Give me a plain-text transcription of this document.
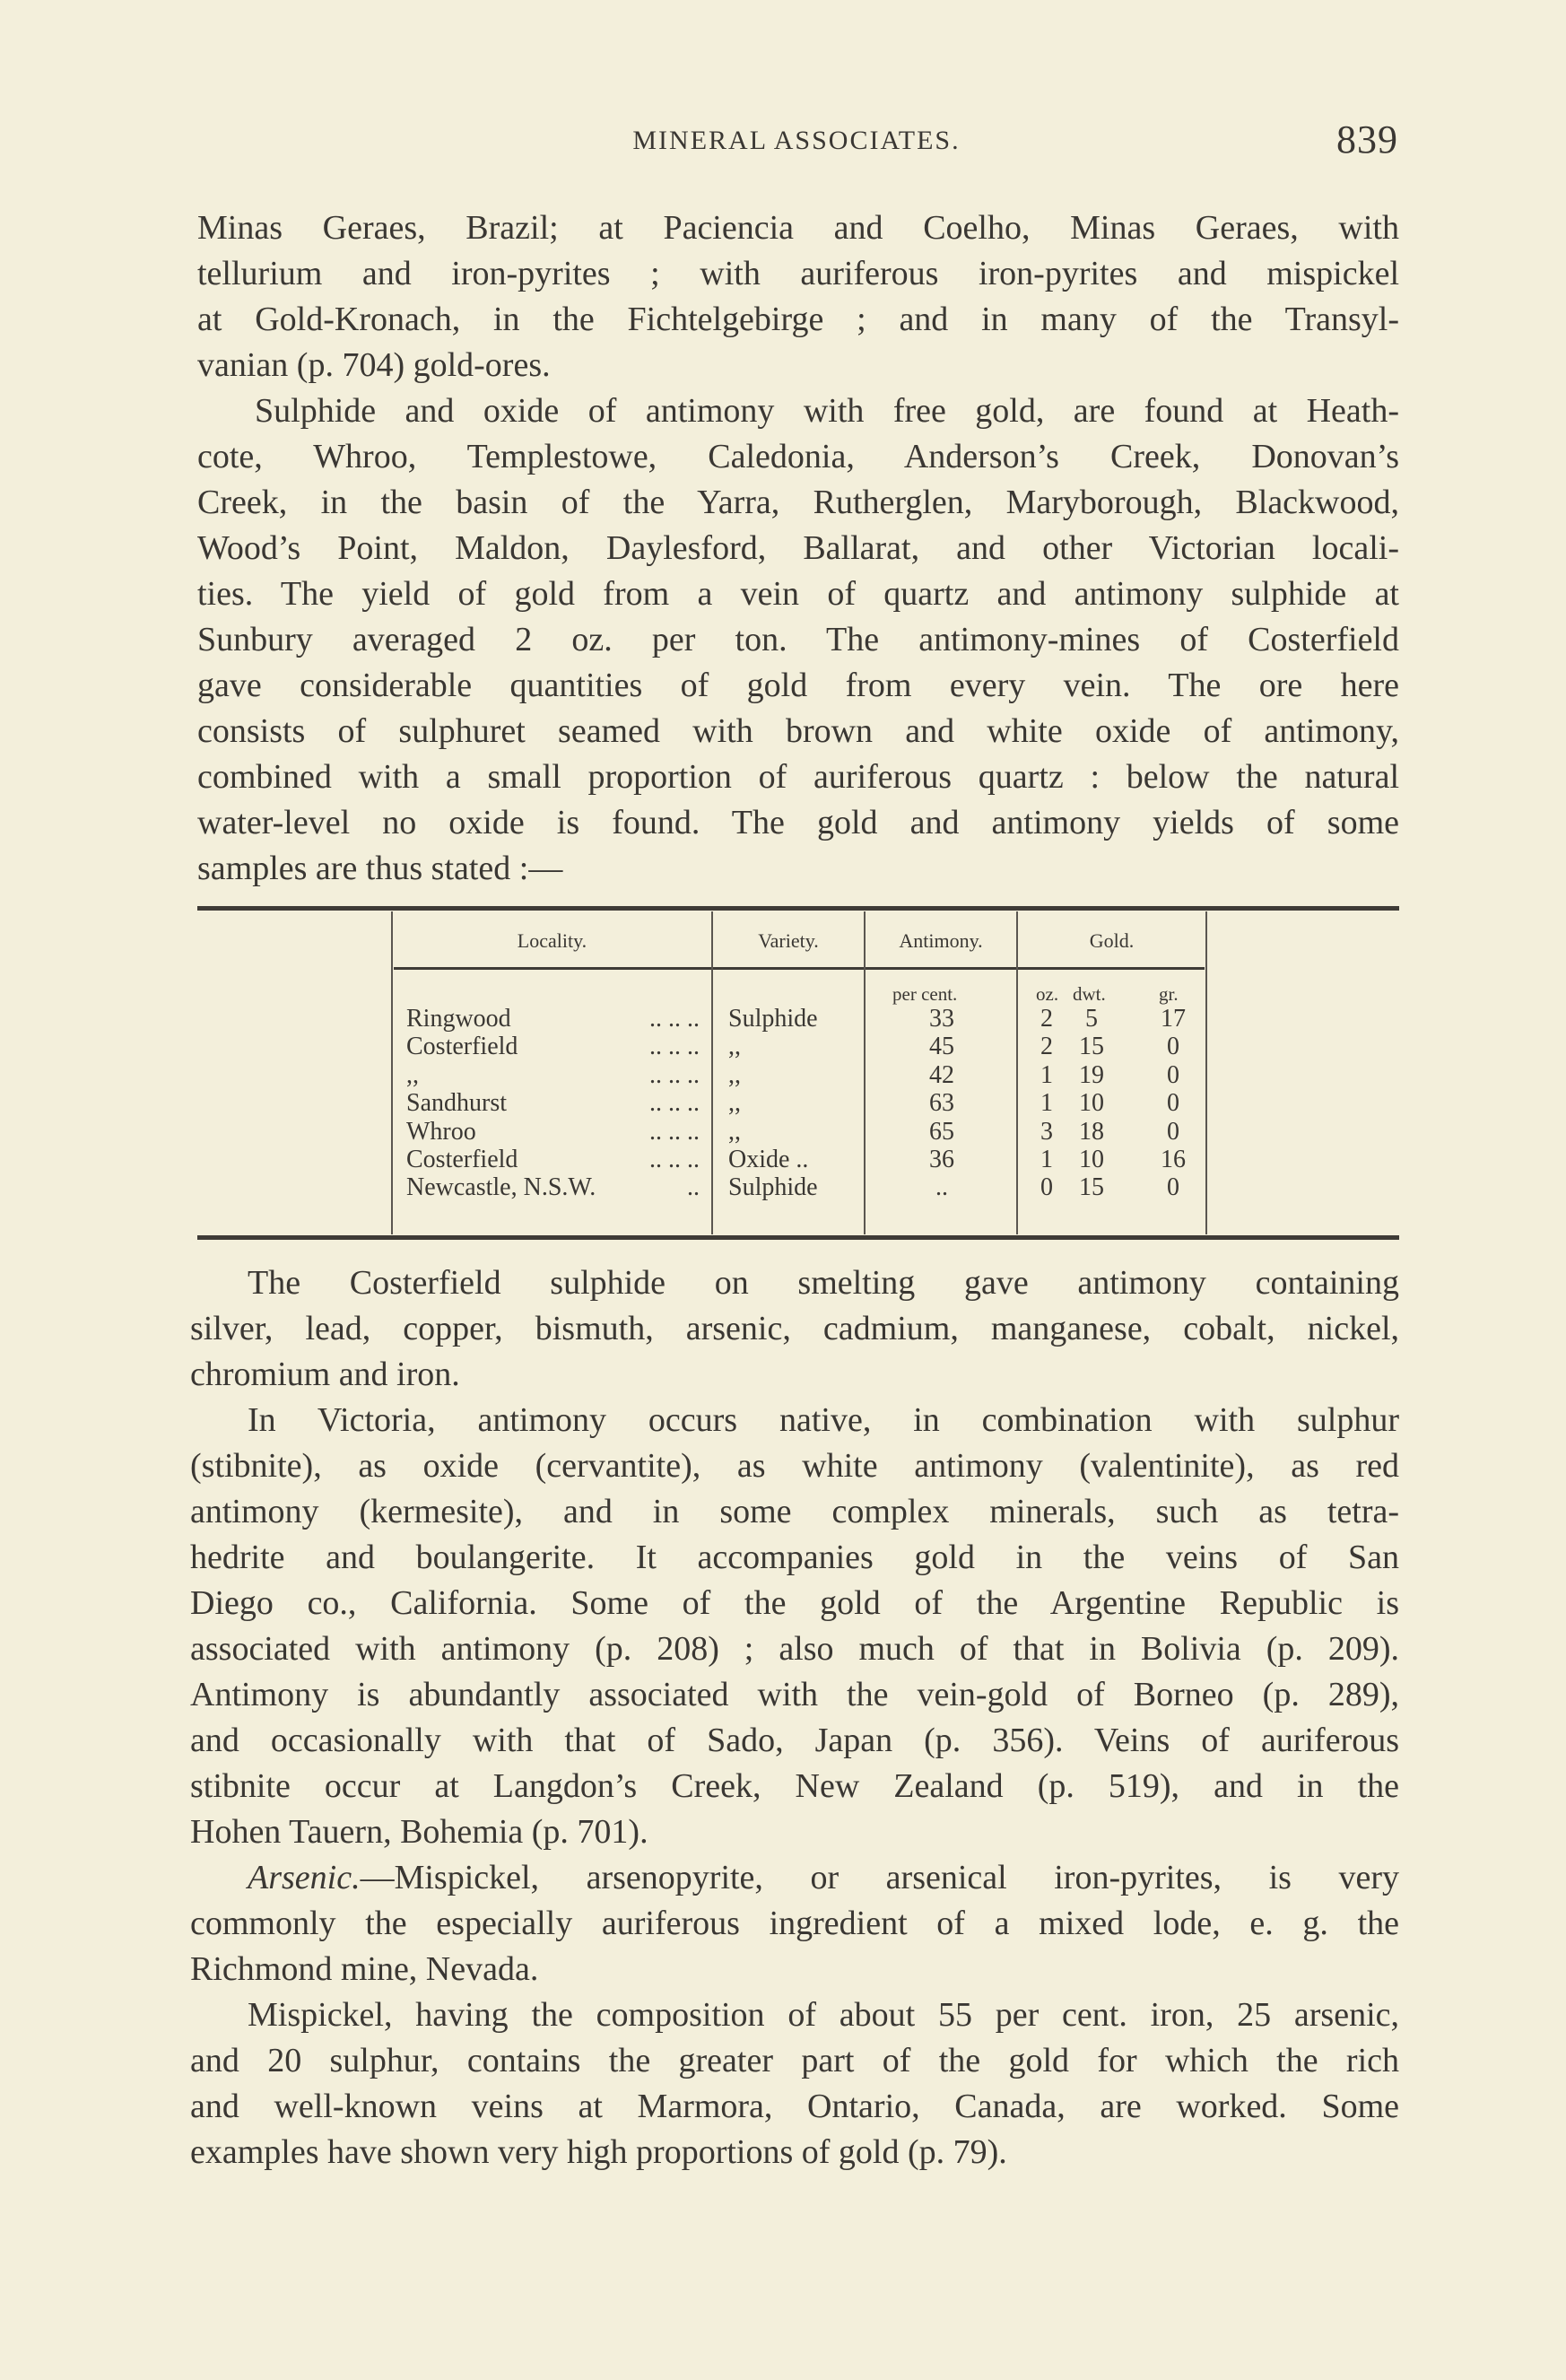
MINERAL ASSOCIATES.	839
Minas Geraes, Brazil; at Paciencia and Coelho, Minas Geraes, with
tellurium and iron-pyrites ; with auriferous iron-pyrites and mispickel
at Gold-Kronach, in the Fichtelgebirge ; and in many of the Transyl-
vanian (p. 704) gold-ores.
Sulphide and oxide of antimony with free gold, are found at Heath-
cote, Whroo, Templestowe, Caledonia, Anderson’s Creek, Donovan’s
Creek, in the basin of the Yarra, Rutherglen, Maryborough, Blackwood,
Wood’s Point, Maldon, Daylesford, Ballarat, and other Victorian locali-
ties. The yield of gold from a vein of quartz and antimony sulphide at
Sunbury averaged 2 oz. per ton. The antimony-mines of Costerfield
gave considerable quantities of gold from every vein. The ore here
consists of sulphuret seamed with brown and white oxide of antimony,
combined with a small proportion of auriferous quartz : below the natural
water-level no oxide is found. The gold and antimony yields of some
samples are thus stated :—
Locality.	Variety.	Antimony.	Gold.
per cent.	oz. dwt.	gr.
Ringwood	.. .. .. Sulphide	33	2	5	17
Costerfield	.. .. .. ,,	45	2	15	0
,,	.. .. .. ,,	42	1	19	0
Sandhurst	.. .. .. ,,	63	1	10	0
Whroo	.. .. .. ,,	65	3	18	0
Costerfield	.. .. .. Oxide ..	36	1	10	16
Newcastle, N.S.W.	.. Sulphide	..	0	15	0
The Costerfield sulphide on smelting gave antimony containing
silver, lead, copper, bismuth, arsenic, cadmium, manganese, cobalt, nickel,
chromium and iron.
In Victoria, antimony occurs native, in combination with sulphur
(stibnite), as oxide (cervantite), as white antimony (valentinite), as red
antimony (kermesite), and in some complex minerals, such as tetra-
hedrite and boulangerite. It accompanies gold in the veins of San
Diego co., California. Some of the gold of the Argentine Republic is
associated with antimony (p. 208) ; also much of that in Bolivia (p. 209).
Antimony is abundantly associated with the vein-gold of Borneo (p. 289),
and occasionally with that of Sado, Japan (p. 356). Veins of auriferous
stibnite occur at Langdon’s Creek, New Zealand (p. 519), and in the
Hohen Tauern, Bohemia (p. 701).
Arsenic.—Mispickel, arsenopyrite, or arsenical iron-pyrites, is very
commonly the especially auriferous ingredient of a mixed lode, e. g. the
Richmond mine, Nevada.
Mispickel, having the composition of about 55 per cent. iron, 25 arsenic,
and 20 sulphur, contains the greater part of the gold for which the rich
and well-known veins at Marmora, Ontario, Canada, are worked. Some
examples have shown very high proportions of gold (p. 79).
